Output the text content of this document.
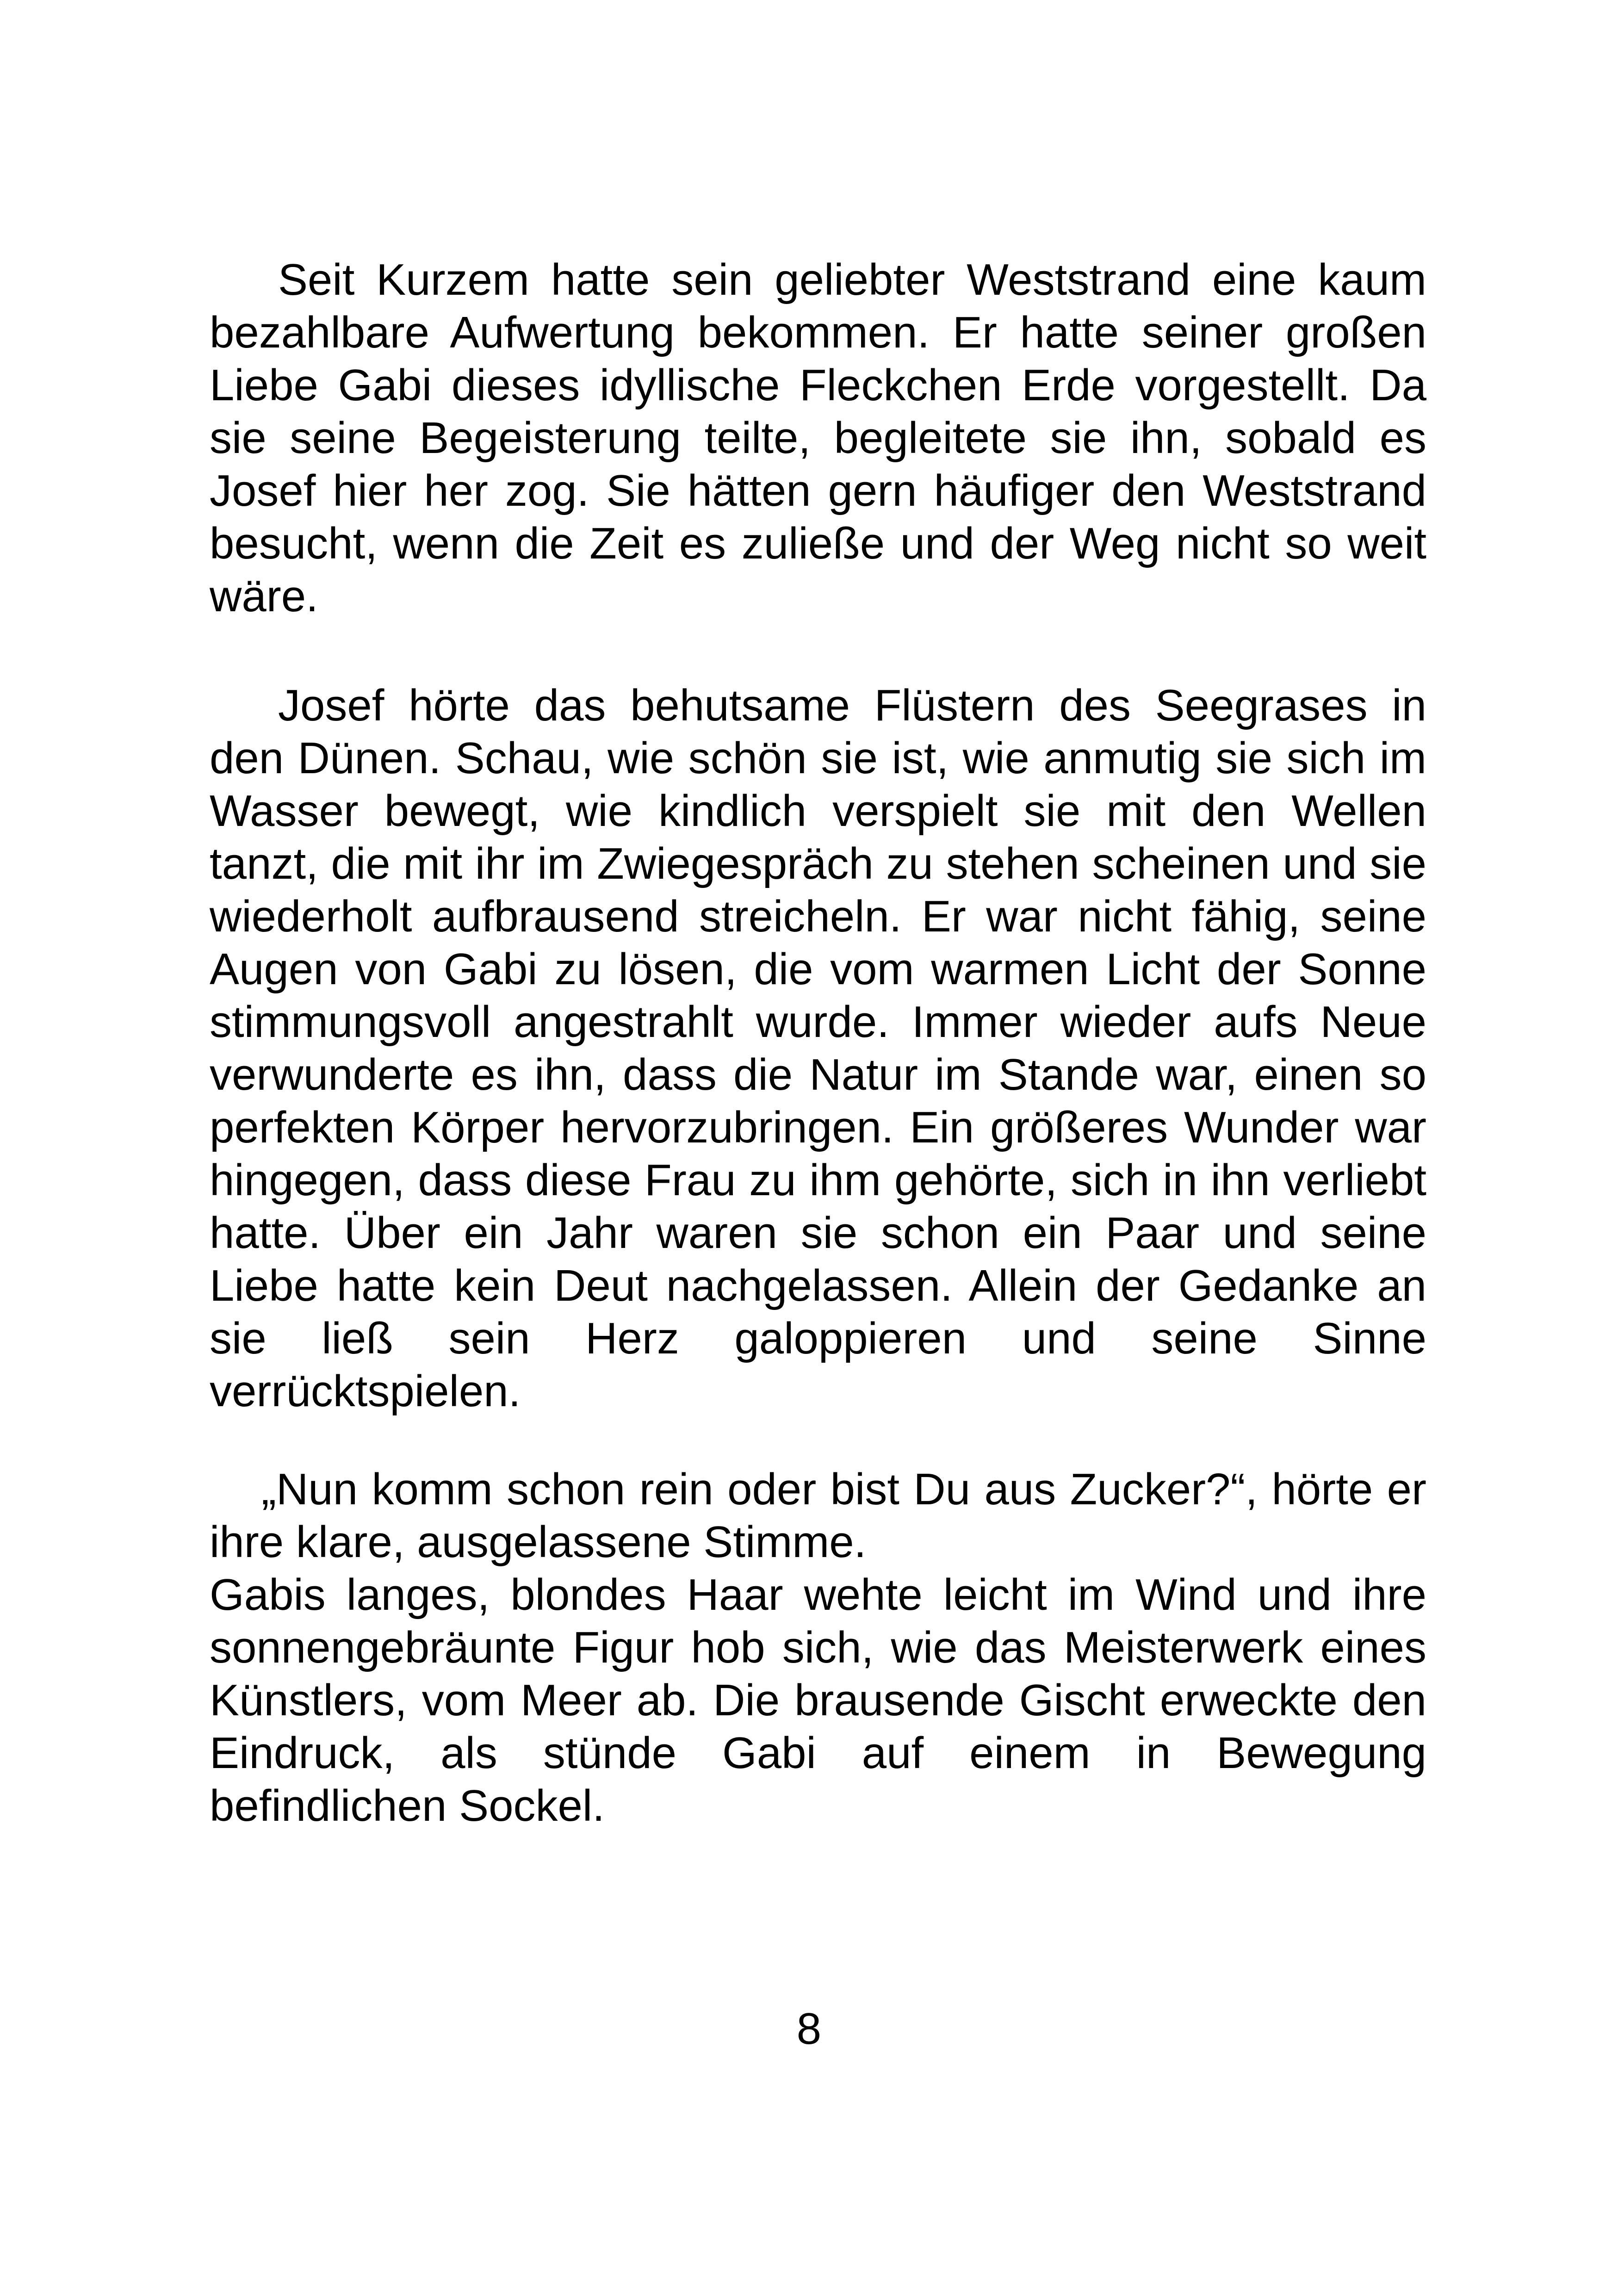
Seit Kurzem hatte sein geliebter Weststrand eine kaum bezahlbare Aufwertung bekommen. Er hatte seiner großen Liebe Gabi dieses idyllische Fleckchen Erde vorgestellt. Da sie seine Begeisterung teilte, begleitete sie ihn, sobald es Josef hier her zog. Sie hätten gern häufiger den Weststrand besucht, wenn die Zeit es zuließe und der Weg nicht so weit wäre.

Josef hörte das behutsame Flüstern des Seegrases in den Dünen. Schau, wie schön sie ist, wie anmutig sie sich im Wasser bewegt, wie kindlich verspielt sie mit den Wellen tanzt, die mit ihr im Zwiegespräch zu stehen scheinen und sie wiederholt aufbrausend streicheln. Er war nicht fähig, seine Augen von Gabi zu lösen, die vom warmen Licht der Sonne stimmungsvoll angestrahlt wurde. Immer wieder aufs Neue verwunderte es ihn, dass die Natur im Stande war, einen so perfekten Körper hervorzubringen. Ein größeres Wunder war hingegen, dass diese Frau zu ihm gehörte, sich in ihn verliebt hatte. Über ein Jahr waren sie schon ein Paar und seine Liebe hatte kein Deut nachgelassen. Allein der Gedanke an sie ließ sein Herz galoppieren und seine Sinne verrücktspielen.

„Nun komm schon rein oder bist Du aus Zucker?“, hörte er ihre klare, ausgelassene Stimme.

Gabis langes, blondes Haar wehte leicht im Wind und ihre sonnengebräunte Figur hob sich, wie das Meisterwerk eines Künstlers, vom Meer ab. Die brausende Gischt erweckte den Eindruck, als stünde Gabi auf einem in Bewegung befindlichen Sockel.

8
